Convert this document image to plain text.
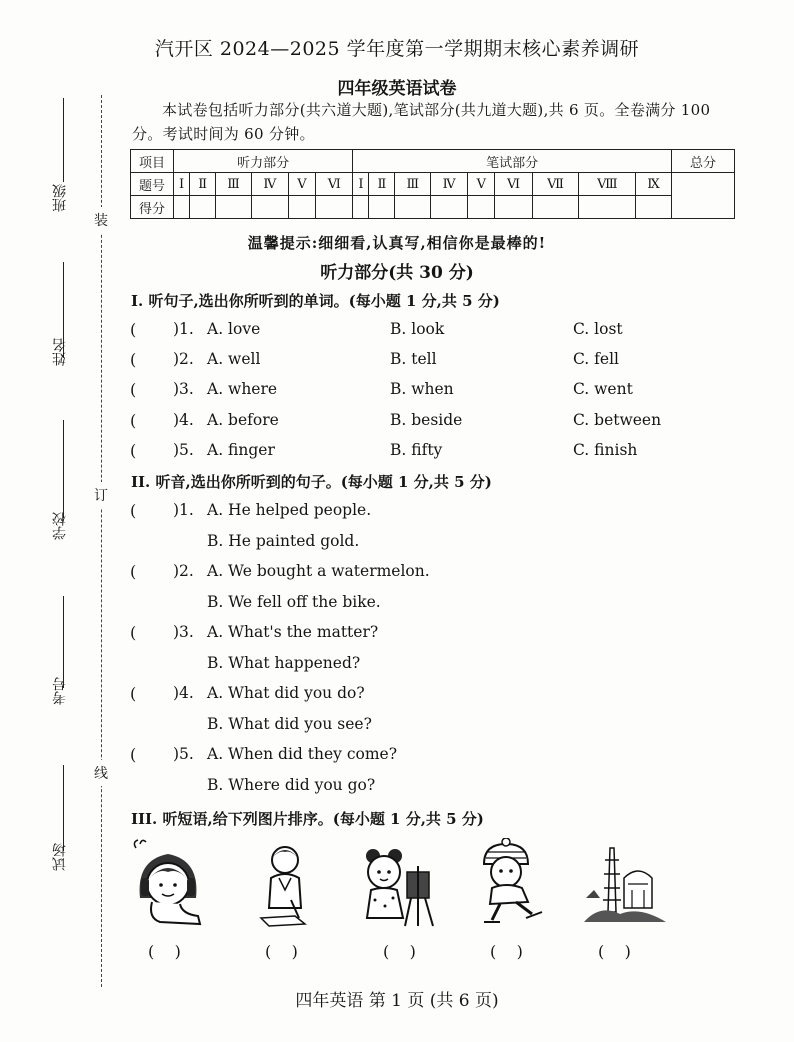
装
订
线
班级
姓名
学校
考号
试场
汽开区 2024—2025 学年度第一学期期末核心素养调研
四年级英语试卷
本试卷包括听力部分(共六道大题),笔试部分(共九道大题),共 6 页。全卷满分 100 分。考试时间为 60 分钟。
项目	听力部分						笔试部分									总分
题号	Ⅰ	Ⅱ	Ⅲ	Ⅳ	Ⅴ	Ⅵ	Ⅰ	Ⅱ	Ⅲ	Ⅳ	Ⅴ	Ⅵ	Ⅶ	Ⅷ	Ⅸ	
得分																
温馨提示:细细看,认真写,相信你是最棒的!
听力部分(共 30 分)
I. 听句子,选出你所听到的单词。(每小题 1 分,共 5 分)
( )1. A. love	B. look	C. lost
( )2. A. well	B. tell	C. fell
( )3. A. where	B. when	C. went
( )4. A. before	B. beside	C. between
( )5. A. finger	B. fifty	C. finish
II. 听音,选出你所听到的句子。(每小题 1 分,共 5 分)
( )1. A. He helped people.
B. He painted gold.
( )2. A. We bought a watermelon.
B. We fell off the bike.
( )3. A. What's the matter?
B. What happened?
( )4. A. What did you do?
B. What did you see?
( )5. A. When did they come?
B. Where did you go?
III. 听短语,给下列图片排序。(每小题 1 分,共 5 分)
(    )	(    )	(    )	(    )	(    )
四年英语 第 1 页 (共 6 页)
